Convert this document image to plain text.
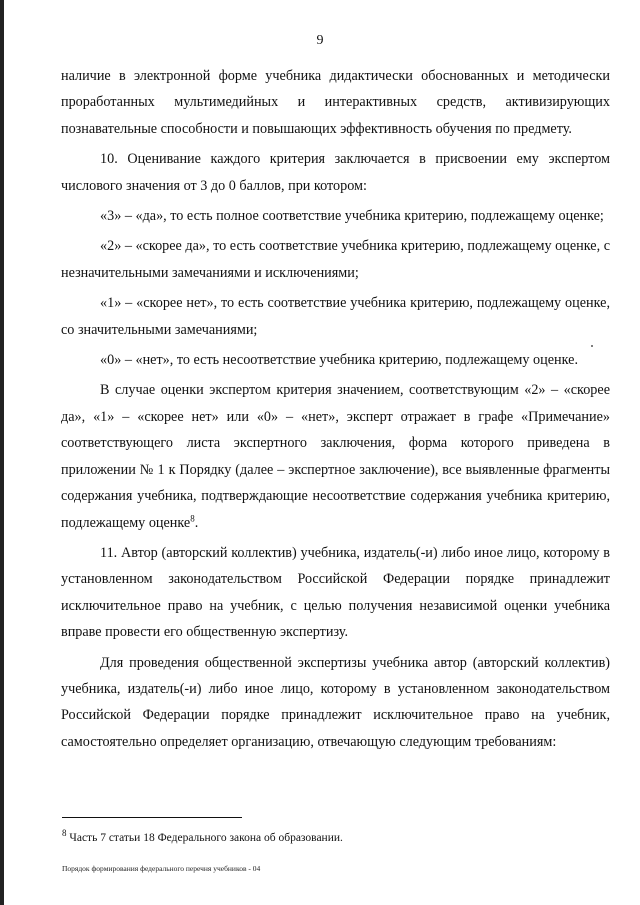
9

наличие в электронной форме учебника дидактически обоснованных и методически проработанных мультимедийных и интерактивных средств, активизирующих познавательные способности и повышающих эффективность обучения по предмету.

10. Оценивание каждого критерия заключается в присвоении ему экспертом числового значения от 3 до 0 баллов, при котором:

«3» – «да», то есть полное соответствие учебника критерию, подлежащему оценке;

«2» – «скорее да», то есть соответствие учебника критерию, подлежащему оценке, с незначительными замечаниями и исключениями;

«1» – «скорее нет», то есть соответствие учебника критерию, подлежащему оценке, со значительными замечаниями;

«0» – «нет», то есть несоответствие учебника критерию, подлежащему оценке.

В случае оценки экспертом критерия значением, соответствующим «2» – «скорее да», «1» – «скорее нет» или «0» – «нет», эксперт отражает в графе «Примечание» соответствующего листа экспертного заключения, форма которого приведена в приложении № 1 к Порядку (далее – экспертное заключение), все выявленные фрагменты содержания учебника, подтверждающие несоответствие содержания учебника критерию, подлежащему оценке$^8$.

11. Автор (авторский коллектив) учебника, издатель(-и) либо иное лицо, которому в установленном законодательством Российской Федерации порядке принадлежит исключительное право на учебник, с целью получения независимой оценки учебника вправе провести его общественную экспертизу.

Для проведения общественной экспертизы учебника автор (авторский коллектив) учебника, издатель(-и) либо иное лицо, которому в установленном законодательством Российской Федерации порядке принадлежит исключительное право на учебник, самостоятельно определяет организацию, отвечающую следующим требованиям:

$^8$ Часть 7 статьи 18 Федерального закона об образовании.
Порядок формирования федерального перечня учебников - 04
